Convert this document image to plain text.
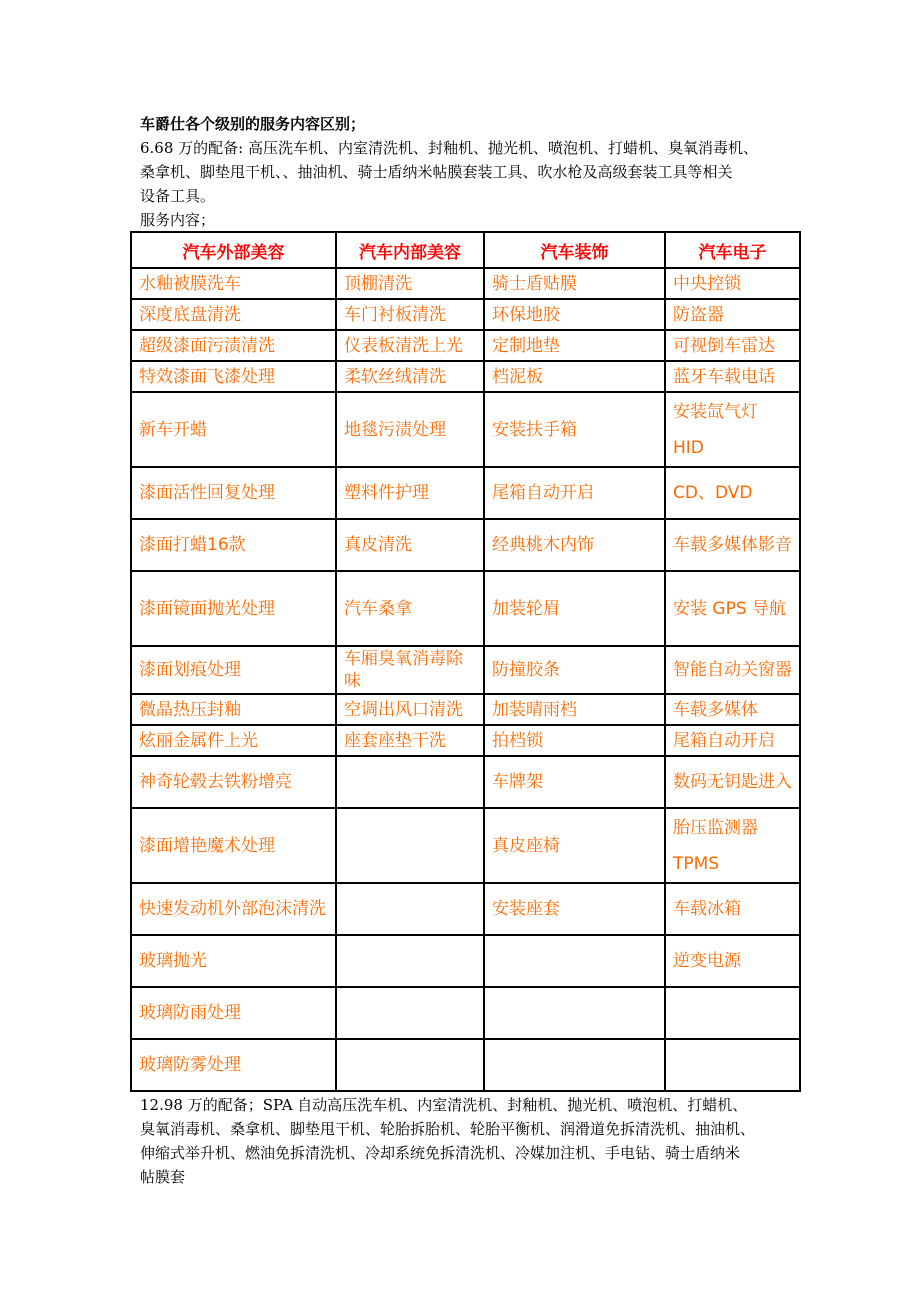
车爵仕各个级别的服务内容区别；
6.68 万的配备: 高压洗车机、内室清洗机、封釉机、抛光机、喷泡机、打蜡机、臭氧消毒机、
桑拿机、脚垫甩干机、、抽油机、骑士盾纳米帖膜套装工具、吹水枪及高级套装工具等相关
设备工具。
服务内容；
汽车外部美容	汽车内部美容	汽车装饰	汽车电子
水釉被膜洗车	顶棚清洗	骑士盾贴膜	中央控锁
深度底盘清洗	车门衬板清洗	环保地胶	防盗器
超级漆面污渍清洗	仪表板清洗上光	定制地垫	可视倒车雷达
特效漆面飞漆处理	柔软丝绒清洗	档泥板	蓝牙车载电话
新车开蜡	地毯污渍处理	安装扶手箱	安装氙气灯 HID
漆面活性回复处理	塑料件护理	尾箱自动开启	CD、DVD
漆面打蜡16款	真皮清洗	经典桃木内饰	车载多媒体影音
漆面镜面抛光处理	汽车桑拿	加装轮眉	安装 GPS 导航
漆面划痕处理	车厢臭氧消毒除味	防撞胶条	智能自动关窗器
微晶热压封釉	空调出风口清洗	加装晴雨档	车载多媒体
炫丽金属件上光	座套座垫干洗	拍档锁	尾箱自动开启
神奇轮毂去铁粉增亮		车牌架	数码无钥匙进入
漆面增艳魔术处理		真皮座椅	胎压监测器 TPMS
快速发动机外部泡沫清洗		安装座套	车载冰箱
玻璃抛光			逆变电源
玻璃防雨处理			
玻璃防雾处理			
12.98 万的配备；SPA 自动高压洗车机、内室清洗机、封釉机、抛光机、喷泡机、打蜡机、
臭氧消毒机、桑拿机、脚垫甩干机、轮胎拆胎机、轮胎平衡机、润滑道免拆清洗机、抽油机、
伸缩式举升机、燃油免拆清洗机、冷却系统免拆清洗机、冷媒加注机、手电钻、骑士盾纳米
帖膜套
